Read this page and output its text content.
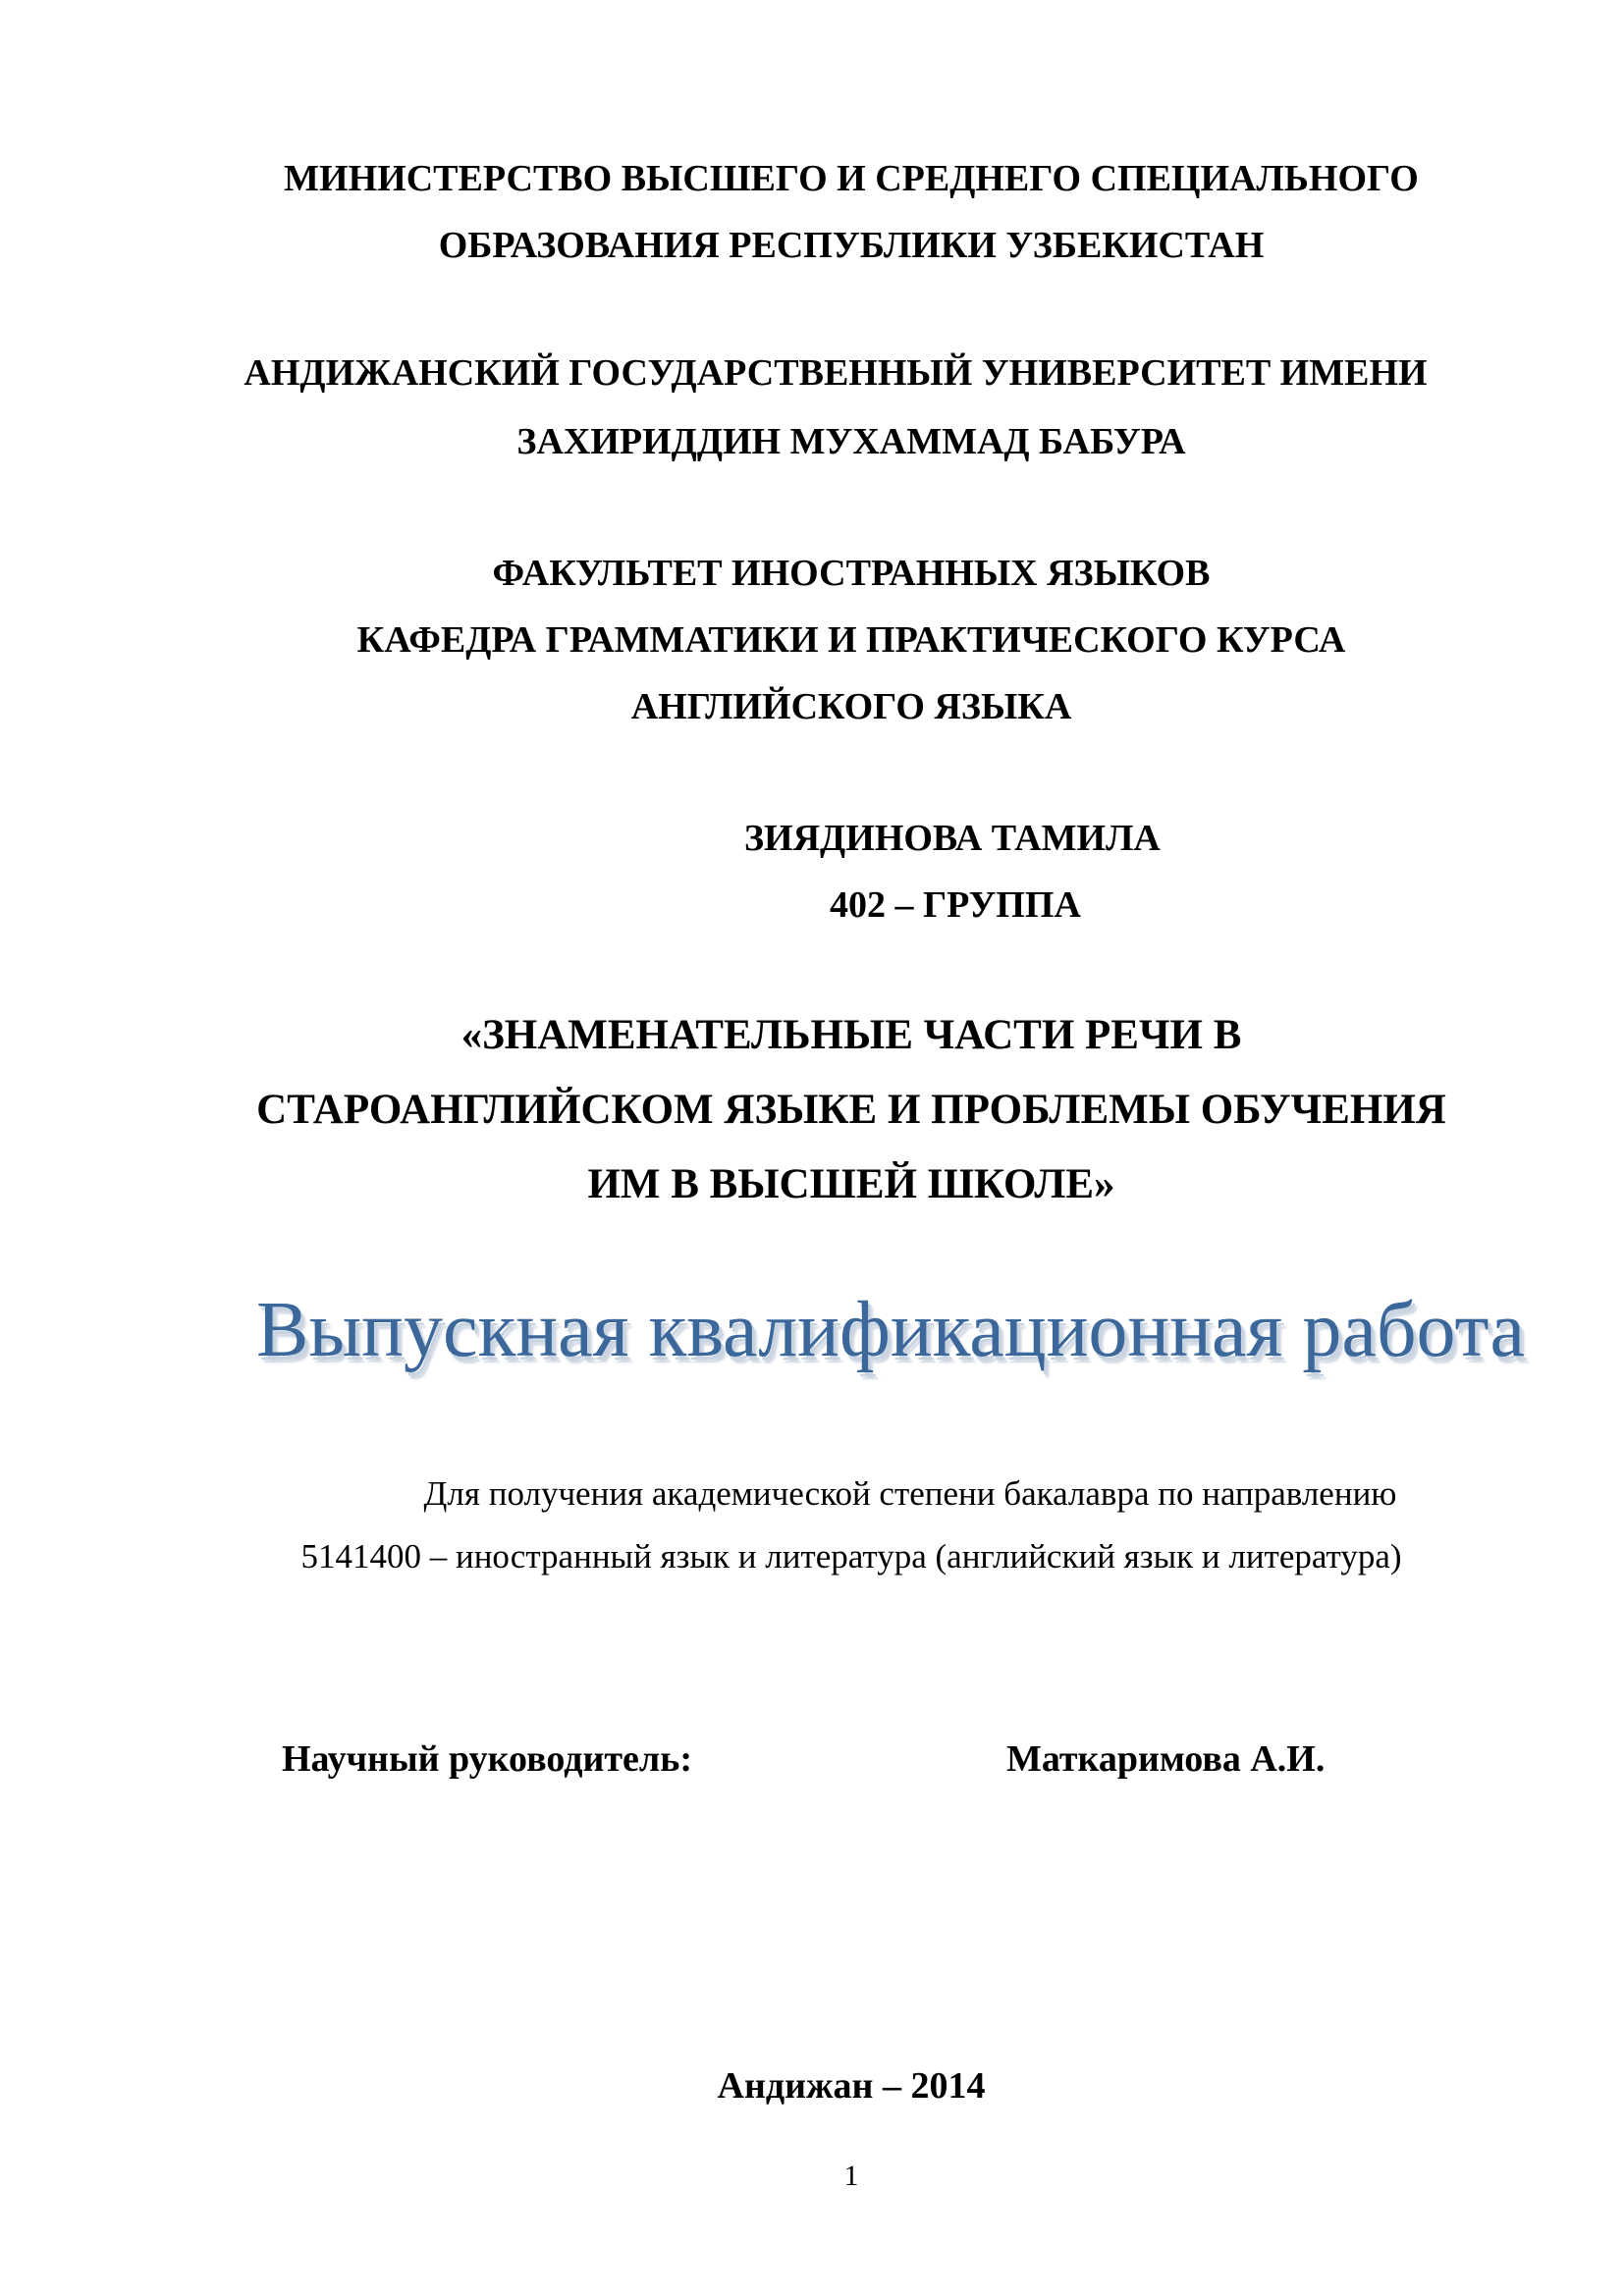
МИНИСТЕРСТВО ВЫСШЕГО И СРЕДНЕГО СПЕЦИАЛЬНОГО
ОБРАЗОВАНИЯ РЕСПУБЛИКИ УЗБЕКИСТАН
АНДИЖАНСКИЙ ГОСУДАРСТВЕННЫЙ УНИВЕРСИТЕТ ИМЕНИ
ЗАХИРИДДИН МУХАММАД БАБУРА
ФАКУЛЬТЕТ ИНОСТРАННЫХ ЯЗЫКОВ
КАФЕДРА ГРАММАТИКИ И ПРАКТИЧЕСКОГО КУРСА
АНГЛИЙСКОГО ЯЗЫКА
ЗИЯДИНОВА ТАМИЛА
402 – ГРУППА
«ЗНАМЕНАТЕЛЬНЫЕ ЧАСТИ РЕЧИ В
СТАРОАНГЛИЙСКОМ ЯЗЫКЕ И ПРОБЛЕМЫ ОБУЧЕНИЯ
ИМ В ВЫСШЕЙ ШКОЛЕ»
Выпускная квалификационная работа
Для получения академической степени бакалавра по направлению
5141400 – иностранный язык и литература (английский язык и литература)
Научный руководитель:	Маткаримова А.И.
Андижан – 2014
1
